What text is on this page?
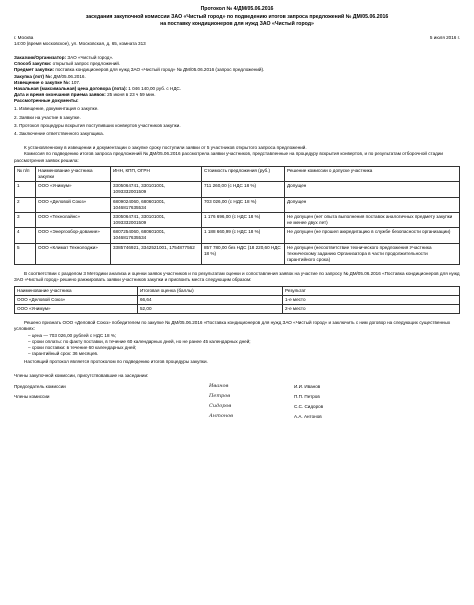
Протокол № 4/ДМ/05.06.2016
заседания закупочной комиссии ЗАО «Чистый город» по подведению итогов запроса предложений № ДМ/05.06.2016
на поставку кондиционеров для нужд ЗАО «Чистый город»
г. Москва	5 июля 2016 г.
14:00 (время московское), ул. Московская, д. 65, комната 313
Заказчик/Организатор: ЗАО «Чистый город».
Способ закупки: открытый запрос предложений.
Предмет закупки: поставка кондиционеров для нужд ЗАО «Чистый город» № ДМ/05.06.2016 (запрос предложений).
Закупка (лот) №: ДМ/05.06.2016.
Извещение о закупке №: 107.
Начальная (максимальная) цена договора (лота): 1 046 140,00 руб. с НДС.
Дата и время окончания приема заявок: 25 июня в 23 ч 59 мин.
Рассмотренные документы:
1. Извещение, документация о закупке.
2. Заявки на участие в закупке.
3. Протокол процедуры вскрытия поступивших конвертов участников закупки.
4. Заключение ответственного закупщика.

К установленному в извещении и документации о закупке сроку поступили заявки от 5 участников открытого запроса предложений.

Комиссия по подведению итогов запроса предложений № ДМ/05.06.2016 рассмотрела заявки участников, представленные на процедуру вскрытия конвертов, и по результатам отборочной стадии рассмотрения заявок решила:

№ п/п	Наименование участника закупки	ИНН, КПП, ОГРН	Стоимость предложения (руб.)	Решение комиссии о допуске участника
1	ООО «Унимум»	3305064741, 330101001, 1093332001509	711 260,00 (с НДС 18 %)	Допущен
2	ООО «Деловой Союз»	6809024060, 680601001, 1046817635534	703 026,00 (с НДС 18 %)	Допущен
3	ООО «Технолайнс»	3305064741, 330101001, 1093332001509	1 176 696,00 (с НДС 18 %)	Не допущен (нет опыта выполнения поставок аналогичных предмету закупки не менее двух лет)
4	ООО «Энергообор-дование»	6807254060, 680601001, 1046817635534	1 188 660,99 (с НДС 18 %)	Не допущен (не прошел аккредитацию в службе безопасности организации)
5	ООО «Климат Технолоджи»	3385746921, 3342521001, 1754877562	857 780,00 без НДС (18 220,60 НДС 18 %)	Не допущен (несоответствие технического предложения Участника техническому заданию Организатора в части продолжительности гарантийного срока)

В соответствии с разделом 3 Методики анализа и оценки заявок участников и по результатам оценки и сопоставления заявок на участие по запросу № ДМ/05.06.2016 «Поставка кондиционеров для нужд ЗАО «Чистый город» решено ранжировать заявки участников закупки и присвоить места следующим образом:

Наименование участника	Итоговая оценка (баллы)	Результат
ООО «Деловой Союз»	66,64	1-е место
ООО «Унимум»	52,00	2-е место

Решено признать ООО «Деловой Союз» победителем по закупке № ДМ/05.06.2016 «Поставка кондиционеров для нужд ЗАО «Чистый город» и заключить с ним договор на следующих существенных условиях:

– цена — 703 026,00 рублей с НДС 18 %;
– сроки оплаты: по факту поставки, в течение 60 календарных дней, но не ранее 45 календарных дней;
– сроки поставки: в течение 60 календарных дней;
– гарантийный срок: 36 месяцев.

Настоящий протокол является протоколом по подведению итогов процедуры закупки.

Члены закупочной комиссии, присутствовавшие на заседании:
Председатель комиссии	Иванов	И.И. Иванов
Члены комиссии	Петров	П.П. Петров
Сидоров	С.С. Сидоров
Антонов	А.А. Антонов
